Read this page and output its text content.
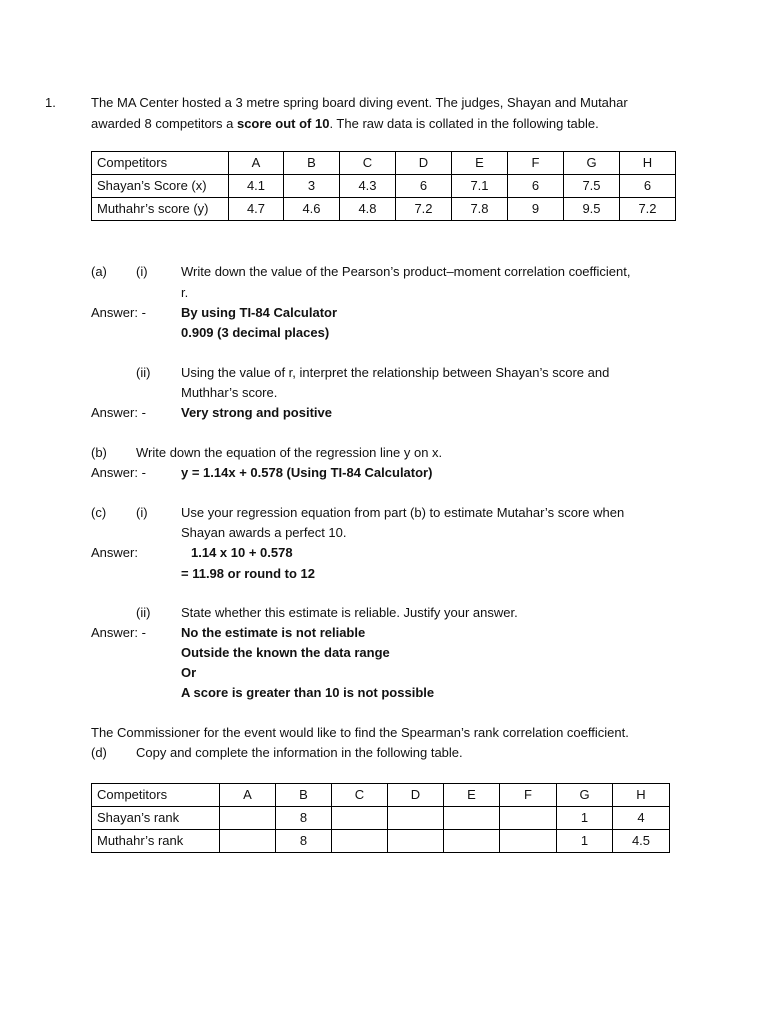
1.	The MA Center hosted a 3 metre spring board diving event. The judges, Shayan and Mutahar
awarded 8 competitors a score out of 10. The raw data is collated in the following table.
Competitors	A	B	C	D	E	F	G	H
Shayan’s Score (x)	4.1	3	4.3	6	7.1	6	7.5	6
Muthahr’s score (y)	4.7	4.6	4.8	7.2	7.8	9	9.5	7.2
(a) (i)	Write down the value of the Pearson’s product–moment correlation coefficient,
r.
Answer: -	By using TI-84 Calculator
0.909 (3 decimal places)
(ii) Using the value of r, interpret the relationship between Shayan’s score and
Muthhar’s score.
Answer: -	Very strong and positive
(b) Write down the equation of the regression line y on x.
Answer: -	y = 1.14x + 0.578 (Using TI-84 Calculator)
(c) (i)	Use your regression equation from part (b) to estimate Mutahar’s score when
Shayan awards a perfect 10.
Answer:	1.14 x 10 + 0.578
= 11.98 or round to 12
(ii) State whether this estimate is reliable. Justify your answer.
Answer: -	No the estimate is not reliable
Outside the known the data range
Or
A score is greater than 10 is not possible
The Commissioner for the event would like to find the Spearman’s rank correlation coefficient.
(d) Copy and complete the information in the following table.
Competitors	A	B	C	D	E	F	G	H
Shayan’s rank		8					1	4
Muthahr’s rank		8					1	4.5
